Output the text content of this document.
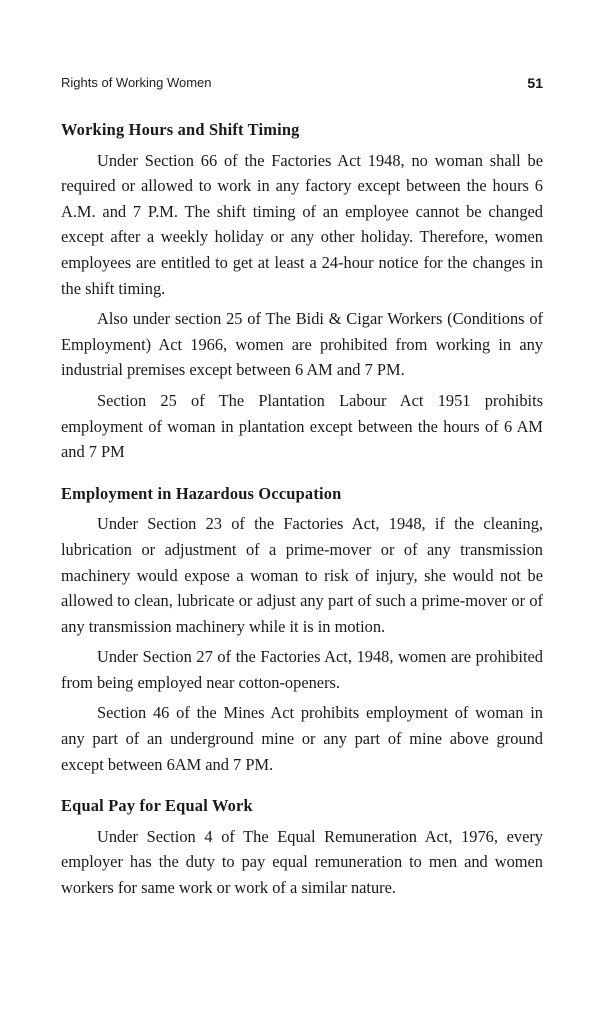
Rights of Working Women	51
Working Hours and Shift Timing

Under Section 66 of the Factories Act 1948, no woman shall be required or allowed to work in any factory except between the hours 6 A.M. and 7 P.M. The shift timing of an employee cannot be changed except after a weekly holiday or any other holiday. Therefore, women employees are entitled to get at least a 24-hour notice for the changes in the shift timing.

Also under section 25 of The Bidi & Cigar Workers (Conditions of Employment) Act 1966, women are prohibited from working in any industrial premises except between 6 AM and 7 PM.

Section 25 of The Plantation Labour Act 1951 prohibits employment of woman in plantation except between the hours of 6 AM and 7 PM

Employment in Hazardous Occupation

Under Section 23 of the Factories Act, 1948, if the cleaning, lubrication or adjustment of a prime-mover or of any transmission machinery would expose a woman to risk of injury, she would not be allowed to clean, lubricate or adjust any part of such a prime-mover or of any transmission machinery while it is in motion.

Under Section 27 of the Factories Act, 1948, women are prohibited from being employed near cotton-openers.

Section 46 of the Mines Act prohibits employment of woman in any part of an underground mine or any part of mine above ground except between 6AM and 7 PM.

Equal Pay for Equal Work

Under Section 4 of The Equal Remuneration Act, 1976, every employer has the duty to pay equal remuneration to men and women workers for same work or work of a similar nature.
